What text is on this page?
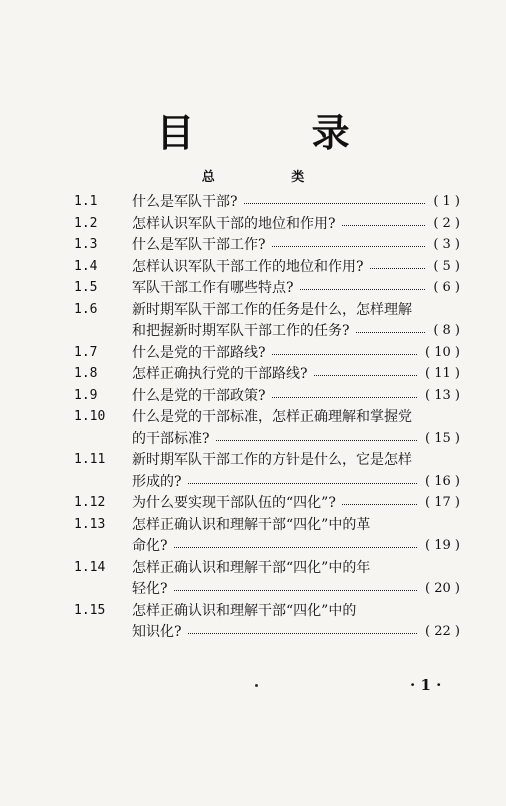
目 录
总 类
1.1 什么是军队干部?	( 1 )
1.2 怎样认识军队干部的地位和作用?	( 2 )
1.3 什么是军队干部工作?	( 3 )
1.4 怎样认识军队干部工作的地位和作用?	( 5 )
1.5 军队干部工作有哪些特点?	( 6 )
1.6 新时期军队干部工作的任务是什么，怎样理解
和把握新时期军队干部工作的任务?	( 8 )
1.7 什么是党的干部路线?	( 10 )
1.8 怎样正确执行党的干部路线?	( 11 )
1.9 什么是党的干部政策?	( 13 )
1.10 什么是党的干部标准，怎样正确理解和掌握党
的干部标准?	( 15 )
1.11 新时期军队干部工作的方针是什么，它是怎样
形成的?	( 16 )
1.12 为什么要实现干部队伍的“四化”?	( 17 )
1.13 怎样正确认识和理解干部“四化”中的革
命化?	( 19 )
1.14 怎样正确认识和理解干部“四化”中的年
轻化?	( 20 )
1.15 怎样正确认识和理解干部“四化”中的
知识化?	( 22 )
· 1 ·
